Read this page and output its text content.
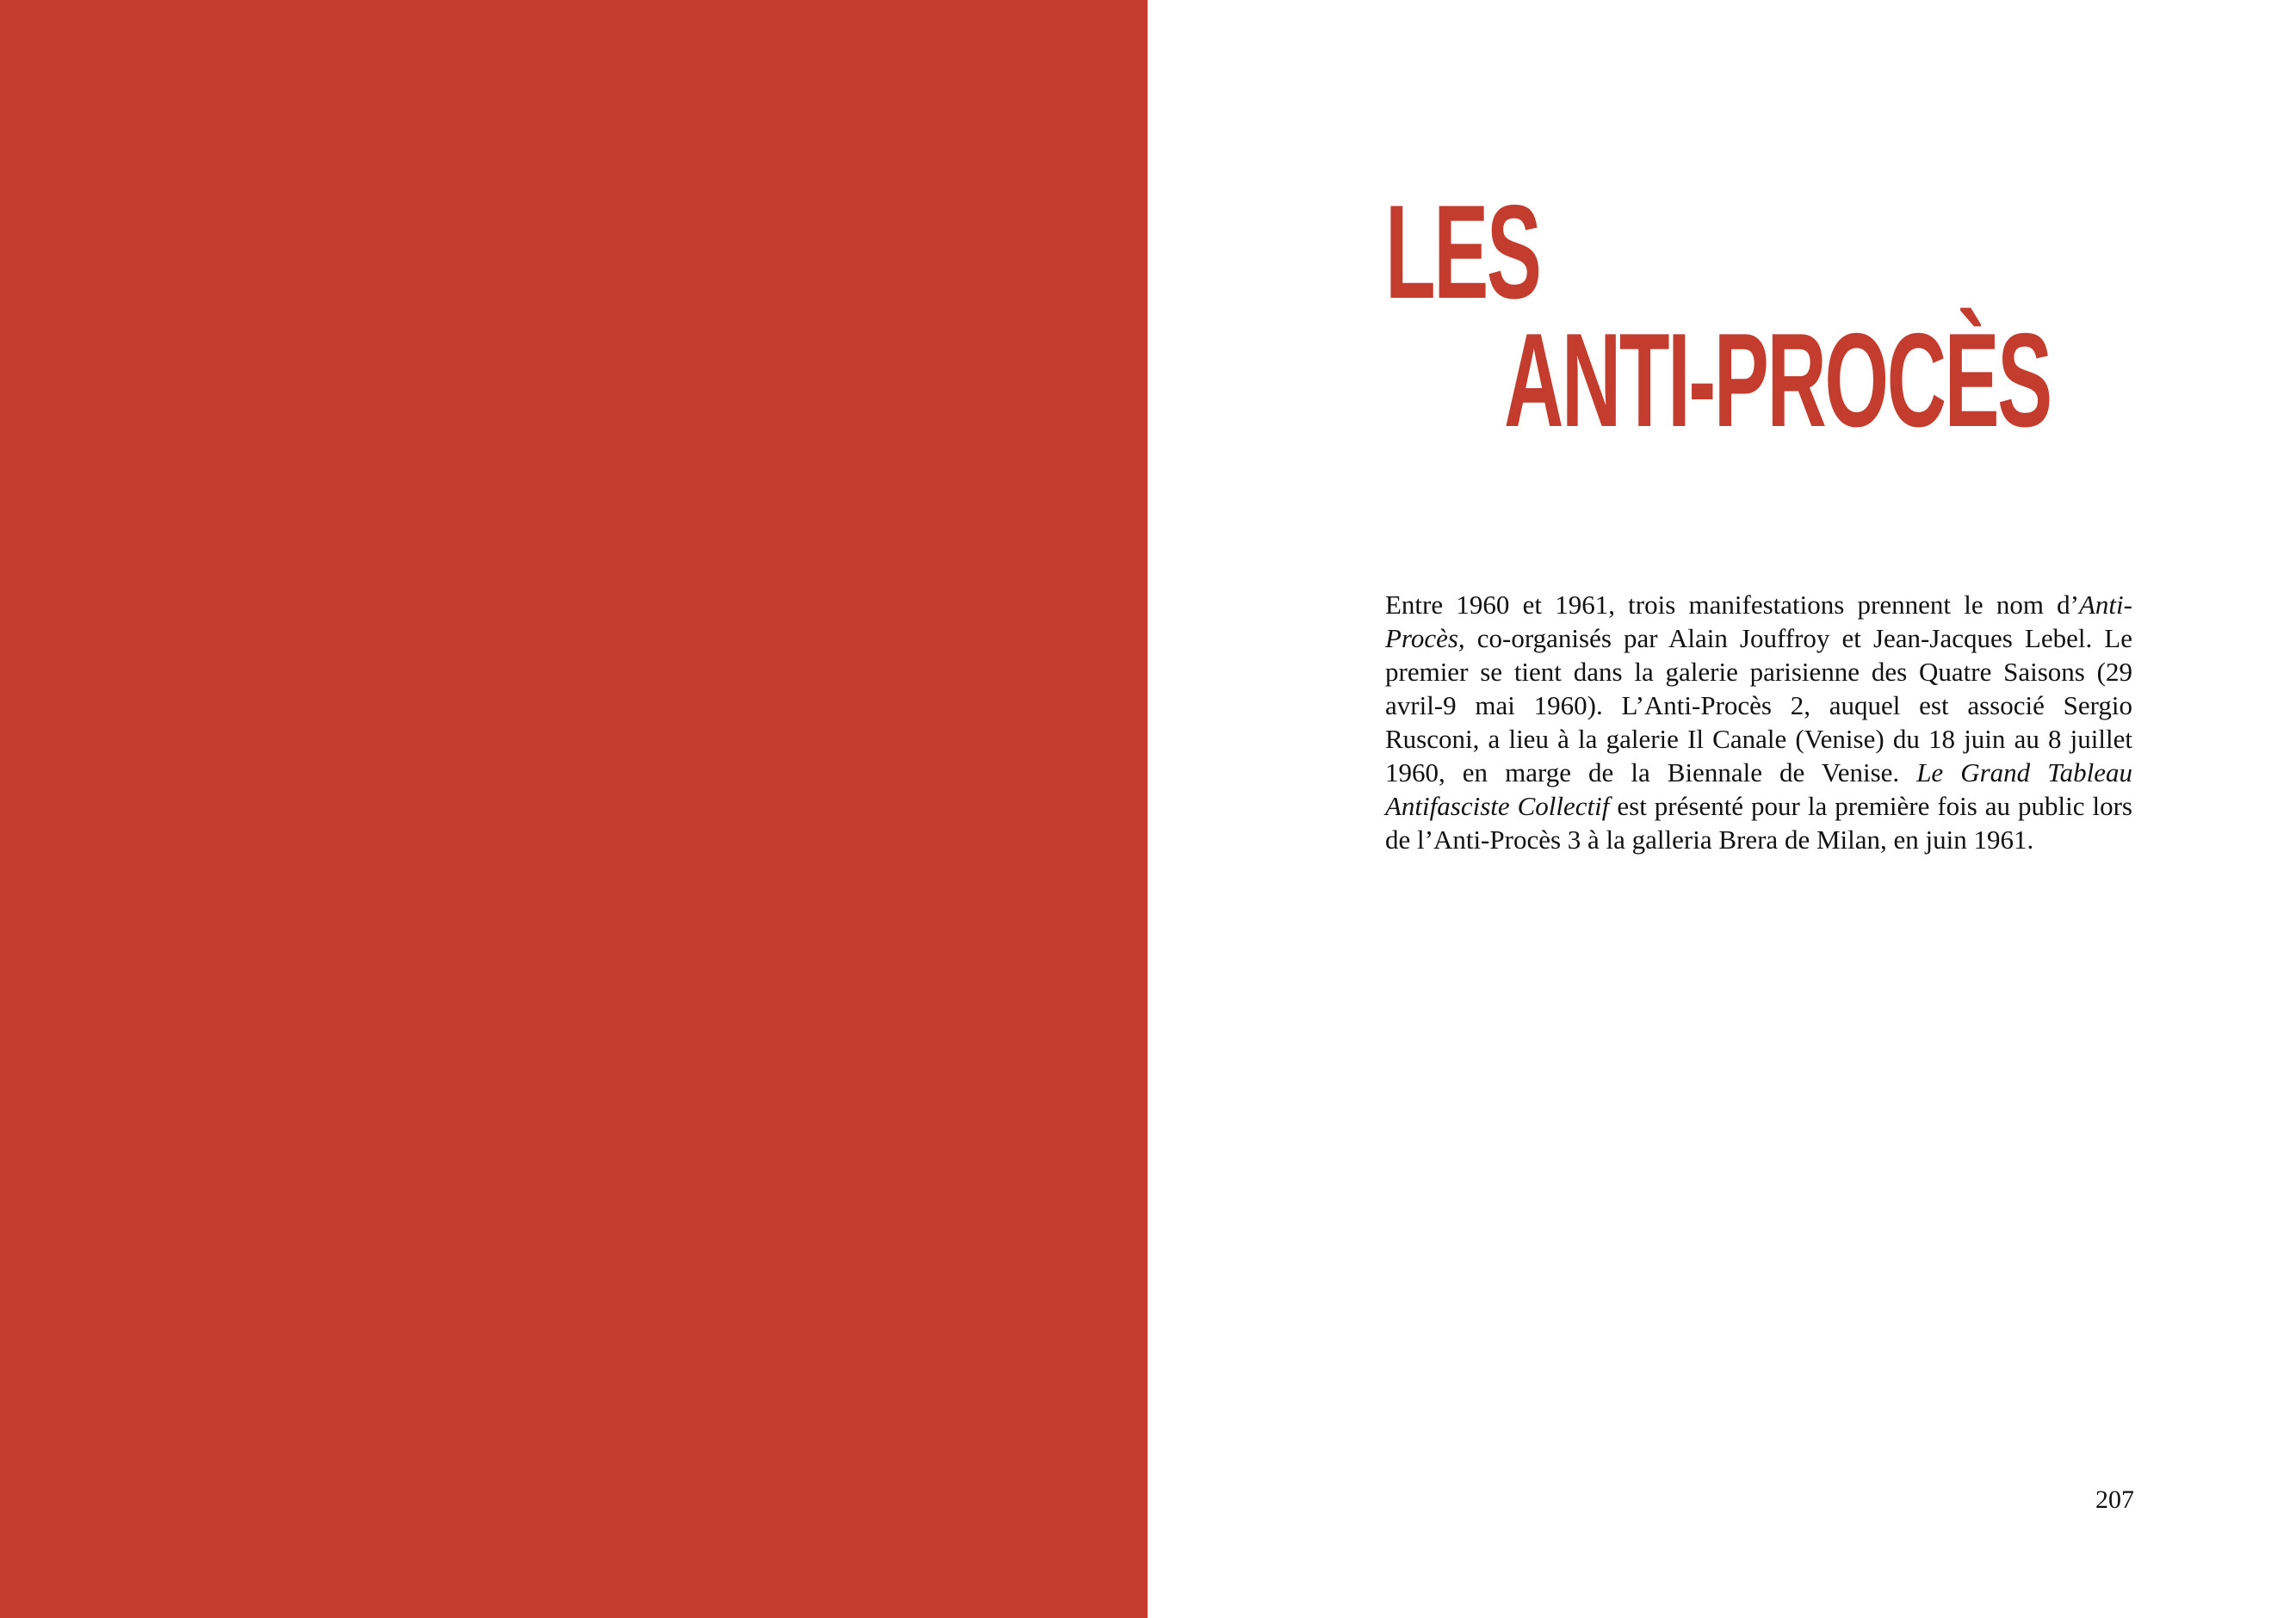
LES
ANTI-PROCÈS

Entre 1960 et 1961, trois manifestations prennent le nom d’Anti-Procès, co-organisés par Alain Jouffroy et Jean-Jacques Lebel. Le premier se tient dans la galerie parisienne des Quatre Saisons (29 avril-9 mai 1960). L’Anti-Procès 2, auquel est associé Sergio Rusconi, a lieu à la galerie Il Canale (Venise) du 18 juin au 8 juillet 1960, en marge de la Biennale de Venise. Le Grand Tableau Antifasciste Collectif est présenté pour la première fois au public lors de l’Anti-Procès 3 à la galleria Brera de Milan, en juin 1961.

207
